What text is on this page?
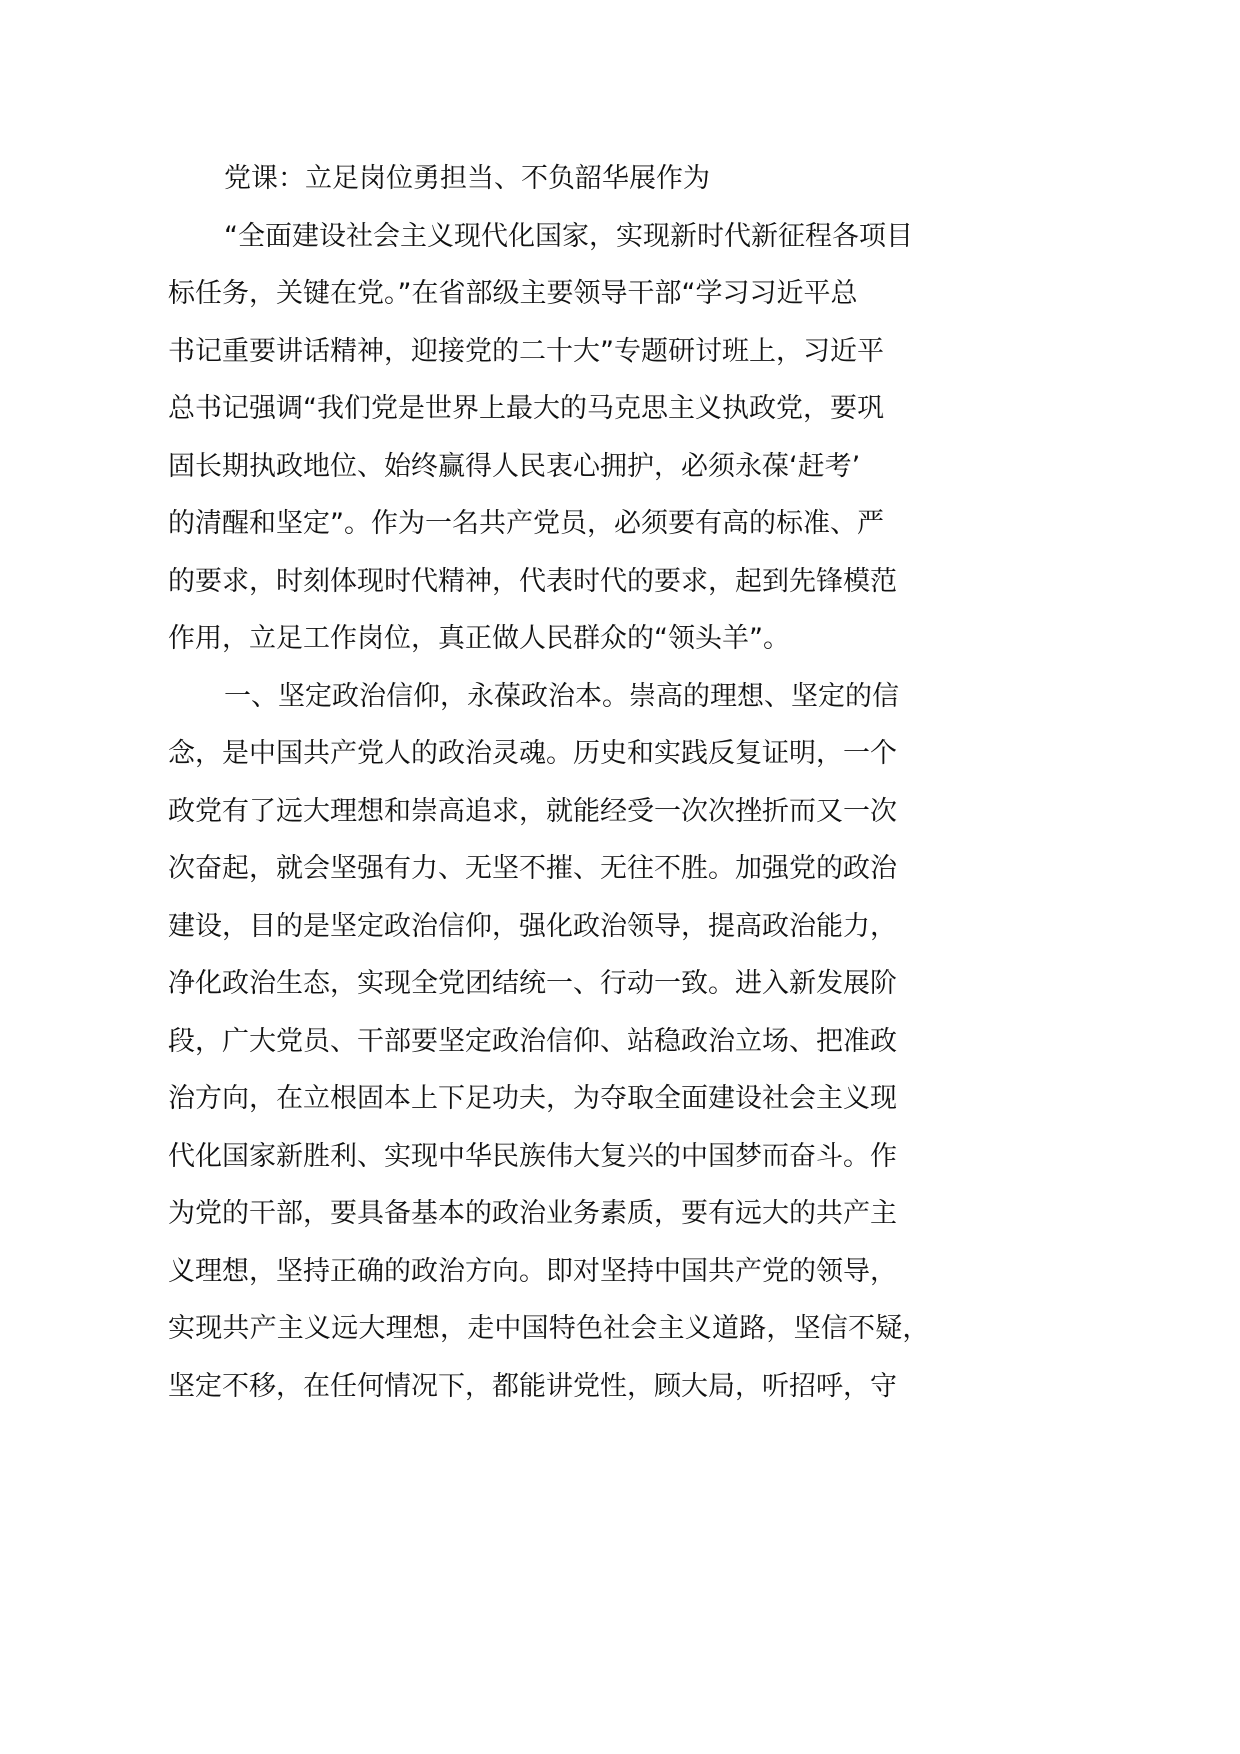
党课：立足岗位勇担当、不负韶华展作为
“全面建设社会主义现代化国家，实现新时代新征程各项目
标任务，关键在党。”在省部级主要领导干部“学习习近平总
书记重要讲话精神，迎接党的二十大”专题研讨班上，习近平
总书记强调“我们党是世界上最大的马克思主义执政党，要巩
固长期执政地位、始终赢得人民衷心拥护，必须永葆‘赶考’
的清醒和坚定”。作为一名共产党员，必须要有高的标准、严
的要求，时刻体现时代精神，代表时代的要求，起到先锋模范
作用，立足工作岗位，真正做人民群众的“领头羊”。
一、坚定政治信仰，永葆政治本。崇高的理想、坚定的信
念，是中国共产党人的政治灵魂。历史和实践反复证明，一个
政党有了远大理想和崇高追求，就能经受一次次挫折而又一次
次奋起，就会坚强有力、无坚不摧、无往不胜。加强党的政治
建设，目的是坚定政治信仰，强化政治领导，提高政治能力，
净化政治生态，实现全党团结统一、行动一致。进入新发展阶
段，广大党员、干部要坚定政治信仰、站稳政治立场、把准政
治方向，在立根固本上下足功夫，为夺取全面建设社会主义现
代化国家新胜利、实现中华民族伟大复兴的中国梦而奋斗。作
为党的干部，要具备基本的政治业务素质，要有远大的共产主
义理想，坚持正确的政治方向。即对坚持中国共产党的领导，
实现共产主义远大理想，走中国特色社会主义道路，坚信不疑，
坚定不移，在任何情况下，都能讲党性，顾大局，听招呼，守
